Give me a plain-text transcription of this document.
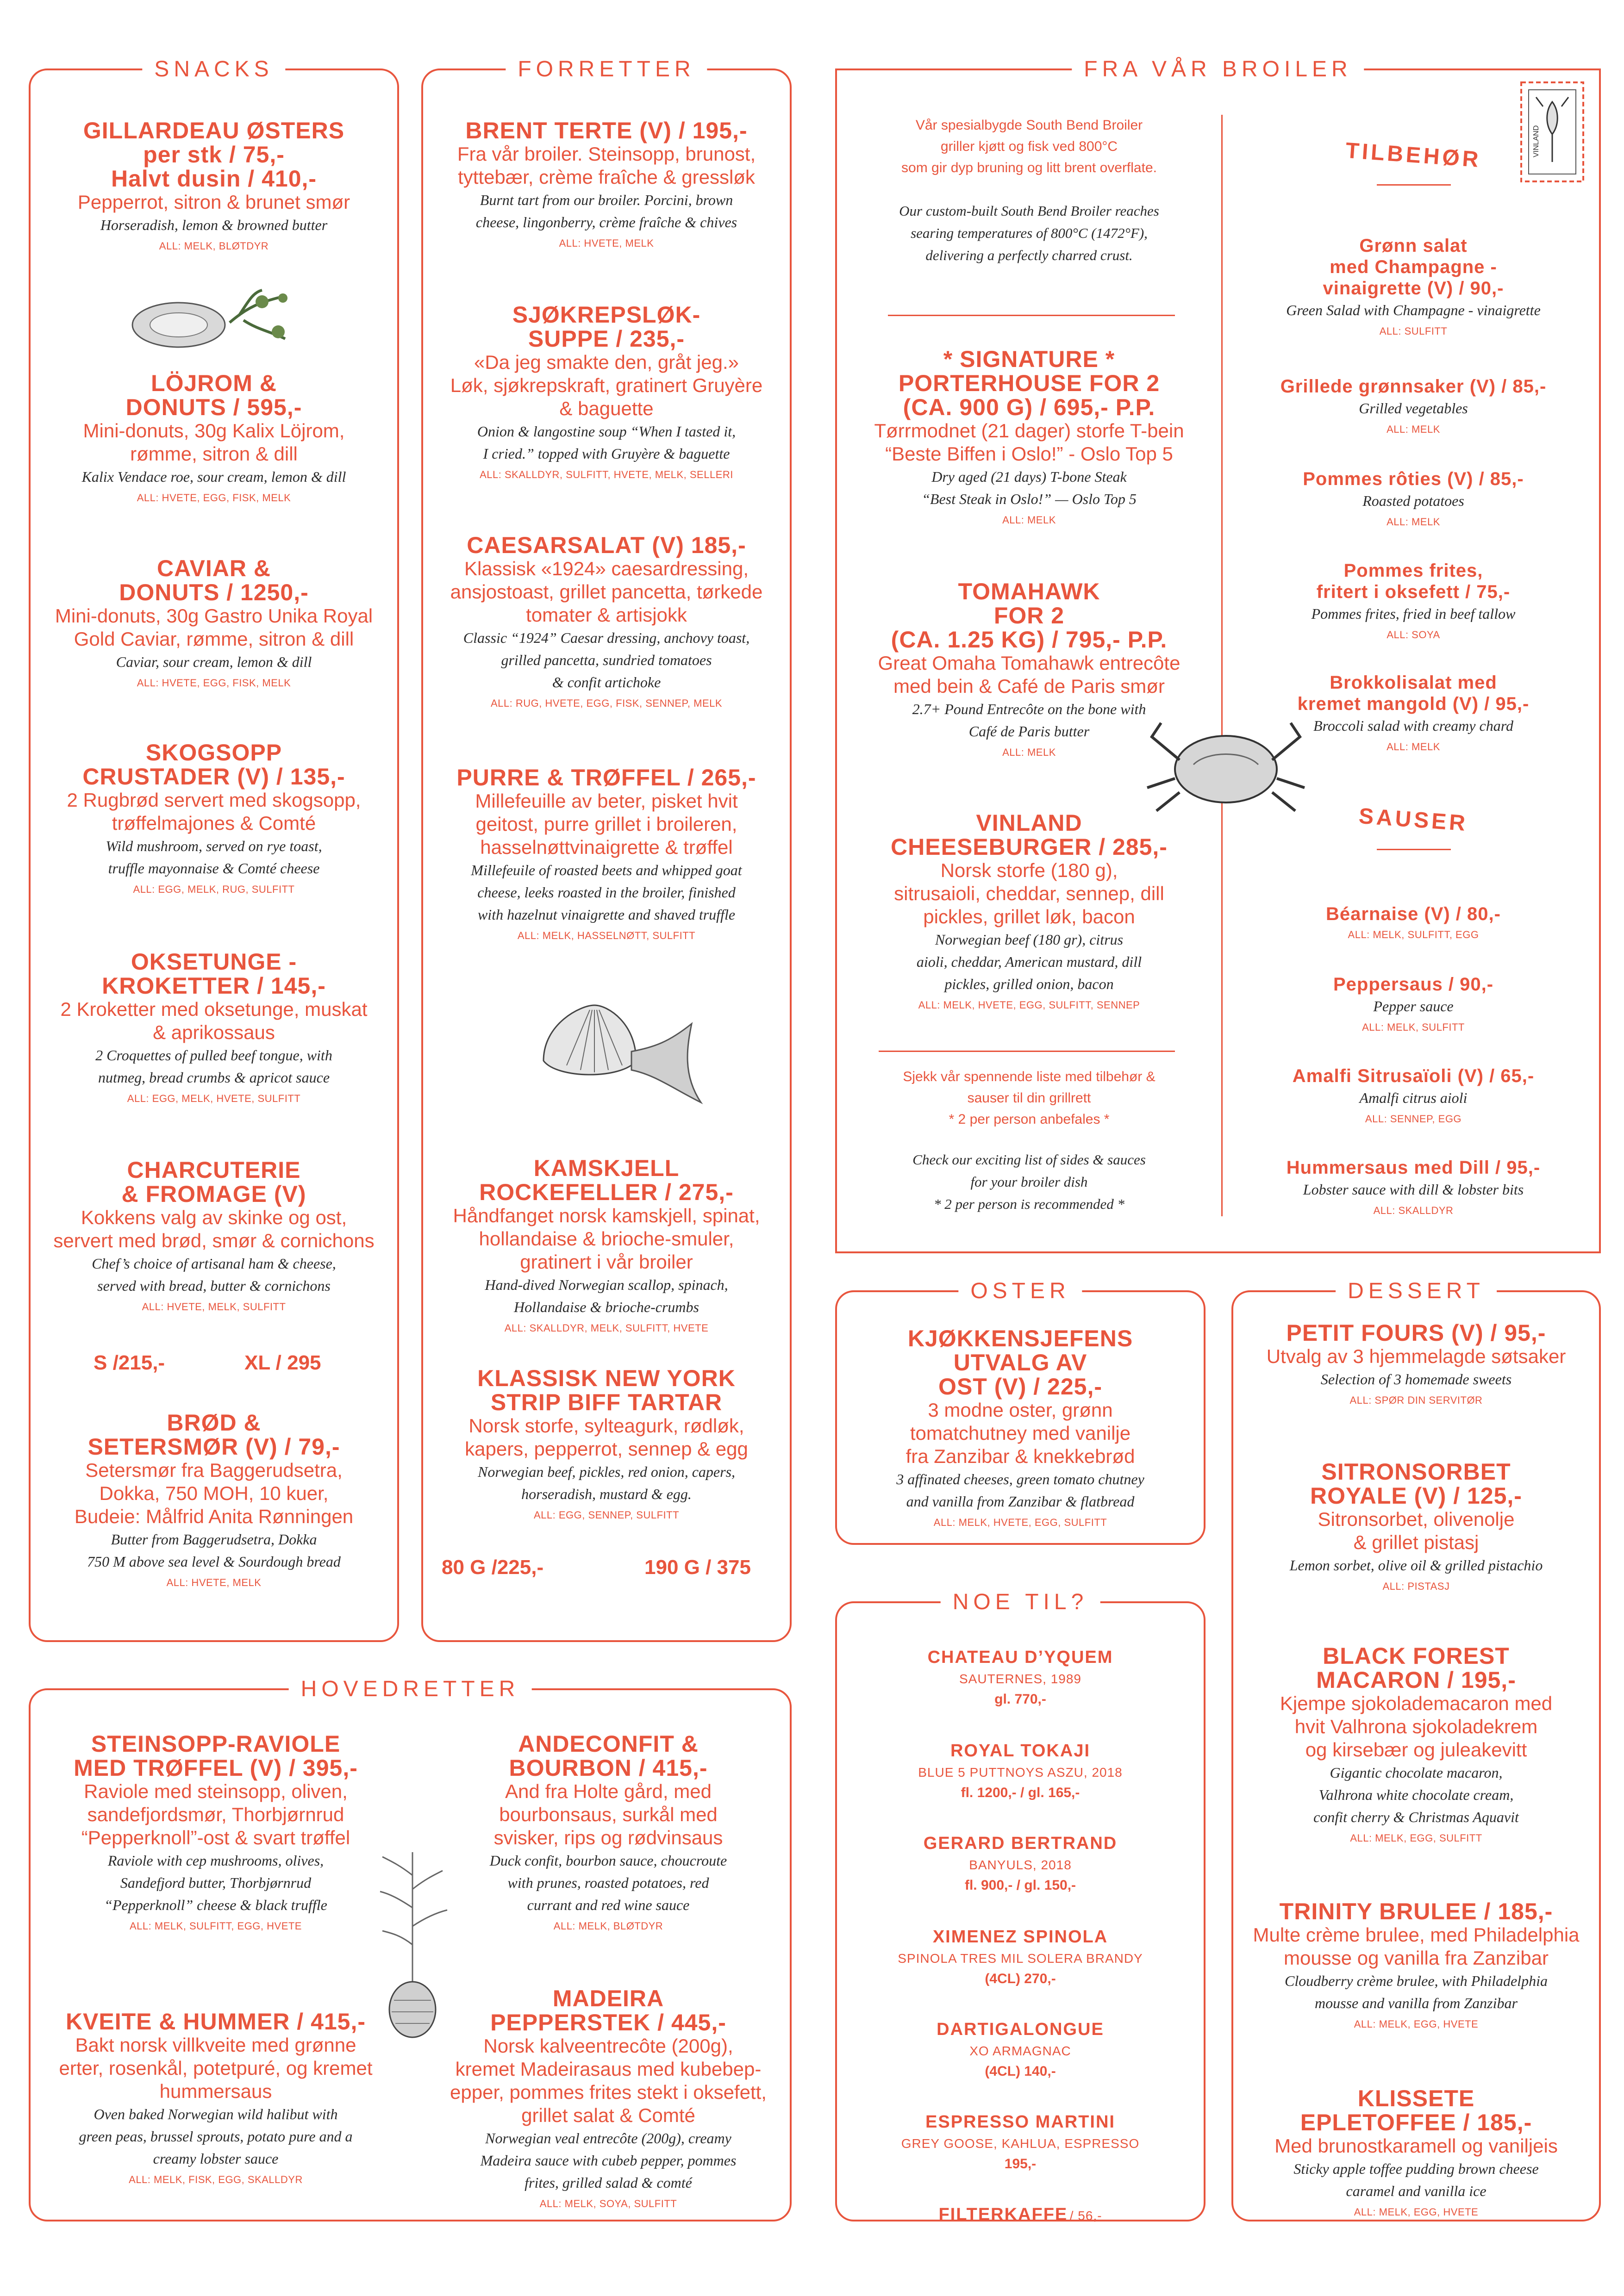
SNACKS
GILLARDEAU ØSTERS
per stk / 75,-
Halvt dusin / 410,-
Pepperrot, sitron & brunet smør
Horseradish, lemon & browned butter
ALL: MELK, BLØTDYR
LÖJROM &
DONUTS / 595,-
Mini-donuts, 30g Kalix Löjrom,
rømme, sitron & dill
Kalix Vendace roe, sour cream, lemon & dill
ALL: HVETE, EGG, FISK, MELK
CAVIAR &
DONUTS / 1250,-
Mini-donuts, 30g Gastro Unika Royal
Gold Caviar, rømme, sitron & dill
Caviar, sour cream, lemon & dill
ALL: HVETE, EGG, FISK, MELK
SKOGSOPP
CRUSTADER (V) / 135,-
2 Rugbrød servert med skogsopp,
trøffelmajones & Comté
Wild mushroom, served on rye toast,
truffle mayonnaise & Comté cheese
ALL: EGG, MELK, RUG, SULFITT
OKSETUNGE -
KROKETTER / 145,-
2 Kroketter med oksetunge, muskat
& aprikossaus
2 Croquettes of pulled beef tongue, with
nutmeg, bread crumbs & apricot sauce
ALL: EGG, MELK, HVETE, SULFITT
CHARCUTERIE
& FROMAGE (V)
Kokkens valg av skinke og ost,
servert med brød, smør & cornichons
Chef’s choice of artisanal ham & cheese,
served with bread, butter & cornichons
ALL: HVETE, MELK, SULFITT
S /215,-	XL / 295
BRØD &
SETERSMØR (V) / 79,-
Setersmør fra Baggerudsetra,
Dokka, 750 MOH, 10 kuer,
Budeie: Målfrid Anita Rønningen
Butter from Baggerudsetra, Dokka
750 M above sea level & Sourdough bread
ALL: HVETE, MELK
FORRETTER
BRENT TERTE (V) / 195,-
Fra vår broiler. Steinsopp, brunost,
tyttebær, crème fraîche & gressløk
Burnt tart from our broiler. Porcini, brown
cheese, lingonberry, crème fraîche & chives
ALL: HVETE, MELK
SJØKREPSLØK-
SUPPE / 235,-
«Da jeg smakte den, gråt jeg.»
Løk, sjøkrepskraft, gratinert Gruyère
& baguette
Onion & langostine soup “When I tasted it,
I cried.” topped with Gruyère & baguette
ALL: SKALLDYR, SULFITT, HVETE, MELK, SELLERI
CAESARSALAT (V) 185,-
Klassisk «1924» caesardressing,
ansjostoast, grillet pancetta, tørkede
tomater & artisjokk
Classic “1924” Caesar dressing, anchovy toast,
grilled pancetta, sundried tomatoes
& confit artichoke
ALL: RUG, HVETE, EGG, FISK, SENNEP, MELK
PURRE & TRØFFEL / 265,-
Millefeuille av beter, pisket hvit
geitost, purre grillet i broileren,
hasselnøttvinaigrette & trøffel
Millefeuile of roasted beets and whipped goat
cheese, leeks roasted in the broiler, finished
with hazelnut vinaigrette and shaved truffle
ALL: MELK, HASSELNØTT, SULFITT
KAMSKJELL
ROCKEFELLER / 275,-
Håndfanget norsk kamskjell, spinat,
hollandaise & brioche-smuler,
gratinert i vår broiler
Hand-dived Norwegian scallop, spinach,
Hollandaise & brioche-crumbs
ALL: SKALLDYR, MELK, SULFITT, HVETE
KLASSISK NEW YORK
STRIP BIFF TARTAR
Norsk storfe, sylteagurk, rødløk,
kapers, pepperrot, sennep & egg
Norwegian beef, pickles, red onion, capers,
horseradish, mustard & egg.
ALL: EGG, SENNEP, SULFITT
80 G /225,-	190 G / 375
FRA VÅR BROILER
Vår spesialbygde South Bend Broiler
griller kjøtt og fisk ved 800°C
som gir dyp bruning og litt brent overflate.
Our custom-built South Bend Broiler reaches
searing temperatures of 800°C (1472°F),
delivering a perfectly charred crust.
* SIGNATURE *
PORTERHOUSE FOR 2
(CA. 900 G) / 695,- P.P.
Tørrmodnet (21 dager) storfe T-bein
“Beste Biffen i Oslo!” - Oslo Top 5
Dry aged (21 days) T-bone Steak
“Best Steak in Oslo!” — Oslo Top 5
ALL: MELK
TOMAHAWK
FOR 2
(CA. 1.25 KG) / 795,- P.P.
Great Omaha Tomahawk entrecôte
med bein & Café de Paris smør
2.7+ Pound Entrecôte on the bone with
Café de Paris butter
ALL: MELK
VINLAND
CHEESEBURGER / 285,-
Norsk storfe (180 g),
sitrusaioli, cheddar, sennep, dill
pickles, grillet løk, bacon
Norwegian beef (180 gr), citrus
aioli, cheddar, American mustard, dill
pickles, grilled onion, bacon
ALL: MELK, HVETE, EGG, SULFITT, SENNEP
Sjekk vår spennende liste med tilbehør &
sauser til din grillrett
* 2 per person anbefales *
Check our exciting list of sides & sauces
for your broiler dish
* 2 per person is recommended *
VINLAND
TILBEHØR
Grønn salat
med Champagne -
vinaigrette (V) / 90,-
Green Salad with Champagne - vinaigrette
ALL: SULFITT
Grillede grønnsaker (V) / 85,-
Grilled vegetables
ALL: MELK
Pommes rôties (V) / 85,-
Roasted potatoes
ALL: MELK
Pommes frites,
fritert i oksefett / 75,-
Pommes frites, fried in beef tallow
ALL: SOYA
Brokkolisalat med
kremet mangold (V) / 95,-
Broccoli salad with creamy chard
ALL: MELK
SAUSER
Béarnaise (V) / 80,-
ALL: MELK, SULFITT, EGG
Peppersaus / 90,-
Pepper sauce
ALL: MELK, SULFITT
Amalfi Sitrusaïoli (V) / 65,-
Amalfi citrus aioli
ALL: SENNEP, EGG
Hummersaus med Dill / 95,-
Lobster sauce with dill & lobster bits
ALL: SKALLDYR
OSTER
KJØKKENSJEFENS
UTVALG AV
OST (V) / 225,-
3 modne oster, grønn
tomatchutney med vanilje
fra Zanzibar & knekkebrød
3 affinated cheeses, green tomato chutney
and vanilla from Zanzibar & flatbread
ALL: MELK, HVETE, EGG, SULFITT
NOE TIL?
CHATEAU D’YQUEM
SAUTERNES, 1989
gl. 770,-
ROYAL TOKAJI
BLUE 5 PUTTNOYS ASZU, 2018
fl. 1200,- / gl. 165,-
GERARD BERTRAND
BANYULS, 2018
fl. 900,- / gl. 150,-
XIMENEZ SPINOLA
SPINOLA TRES MIL SOLERA BRANDY
(4CL) 270,-
DARTIGALONGUE
XO ARMAGNAC
(4CL) 140,-
ESPRESSO MARTINI
GREY GOOSE, KAHLUA, ESPRESSO
195,-
FILTERKAFFE / 56,-
DESSERT
PETIT FOURS (V) / 95,-
Utvalg av 3 hjemmelagde søtsaker
Selection of 3 homemade sweets
ALL: SPØR DIN SERVITØR
SITRONSORBET
ROYALE (V) / 125,-
Sitronsorbet, olivenolje
& grillet pistasj
Lemon sorbet, olive oil & grilled pistachio
ALL: PISTASJ
BLACK FOREST
MACARON / 195,-
Kjempe sjokolademacaron med
hvit Valhrona sjokoladekrem
og kirsebær og juleakevitt
Gigantic chocolate macaron,
Valhrona white chocolate cream,
confit cherry & Christmas Aquavit
ALL: MELK, EGG, SULFITT
TRINITY BRULEE / 185,-
Multe crème brulee, med Philadelphia
mousse og vanilla fra Zanzibar
Cloudberry crème brulee, with Philadelphia
mousse and vanilla from Zanzibar
ALL: MELK, EGG, HVETE
KLISSETE
EPLETOFFEE / 185,-
Med brunostkaramell og vaniljeis
Sticky apple toffee pudding brown cheese
caramel and vanilla ice
ALL: MELK, EGG, HVETE
HOVEDRETTER
STEINSOPP-RAVIOLE
MED TRØFFEL (V) / 395,-
Raviole med steinsopp, oliven,
sandefjordsmør, Thorbjørnrud
“Pepperknoll”-ost & svart trøffel
Raviole with cep mushrooms, olives,
Sandefjord butter, Thorbjørnrud
“Pepperknoll” cheese & black truffle
ALL: MELK, SULFITT, EGG, HVETE
KVEITE & HUMMER / 415,-
Bakt norsk villkveite med grønne
erter, rosenkål, potetpuré, og kremet
hummersaus
Oven baked Norwegian wild halibut with
green peas, brussel sprouts, potato pure and a
creamy lobster sauce
ALL: MELK, FISK, EGG, SKALLDYR
ANDECONFIT &
BOURBON / 415,-
And fra Holte gård, med
bourbonsaus, surkål med
svisker, rips og rødvinsaus
Duck confit, bourbon sauce, choucroute
with prunes, roasted potatoes, red
currant and red wine sauce
ALL: MELK, BLØTDYR
MADEIRA
PEPPERSTEK / 445,-
Norsk kalveentrecôte (200g),
kremet Madeirasaus med kubebep-
epper, pommes frites stekt i oksefett,
grillet salat & Comté
Norwegian veal entrecôte (200g), creamy
Madeira sauce with cubeb pepper, pommes
frites, grilled salad & comté
ALL: MELK, SOYA, SULFITT
